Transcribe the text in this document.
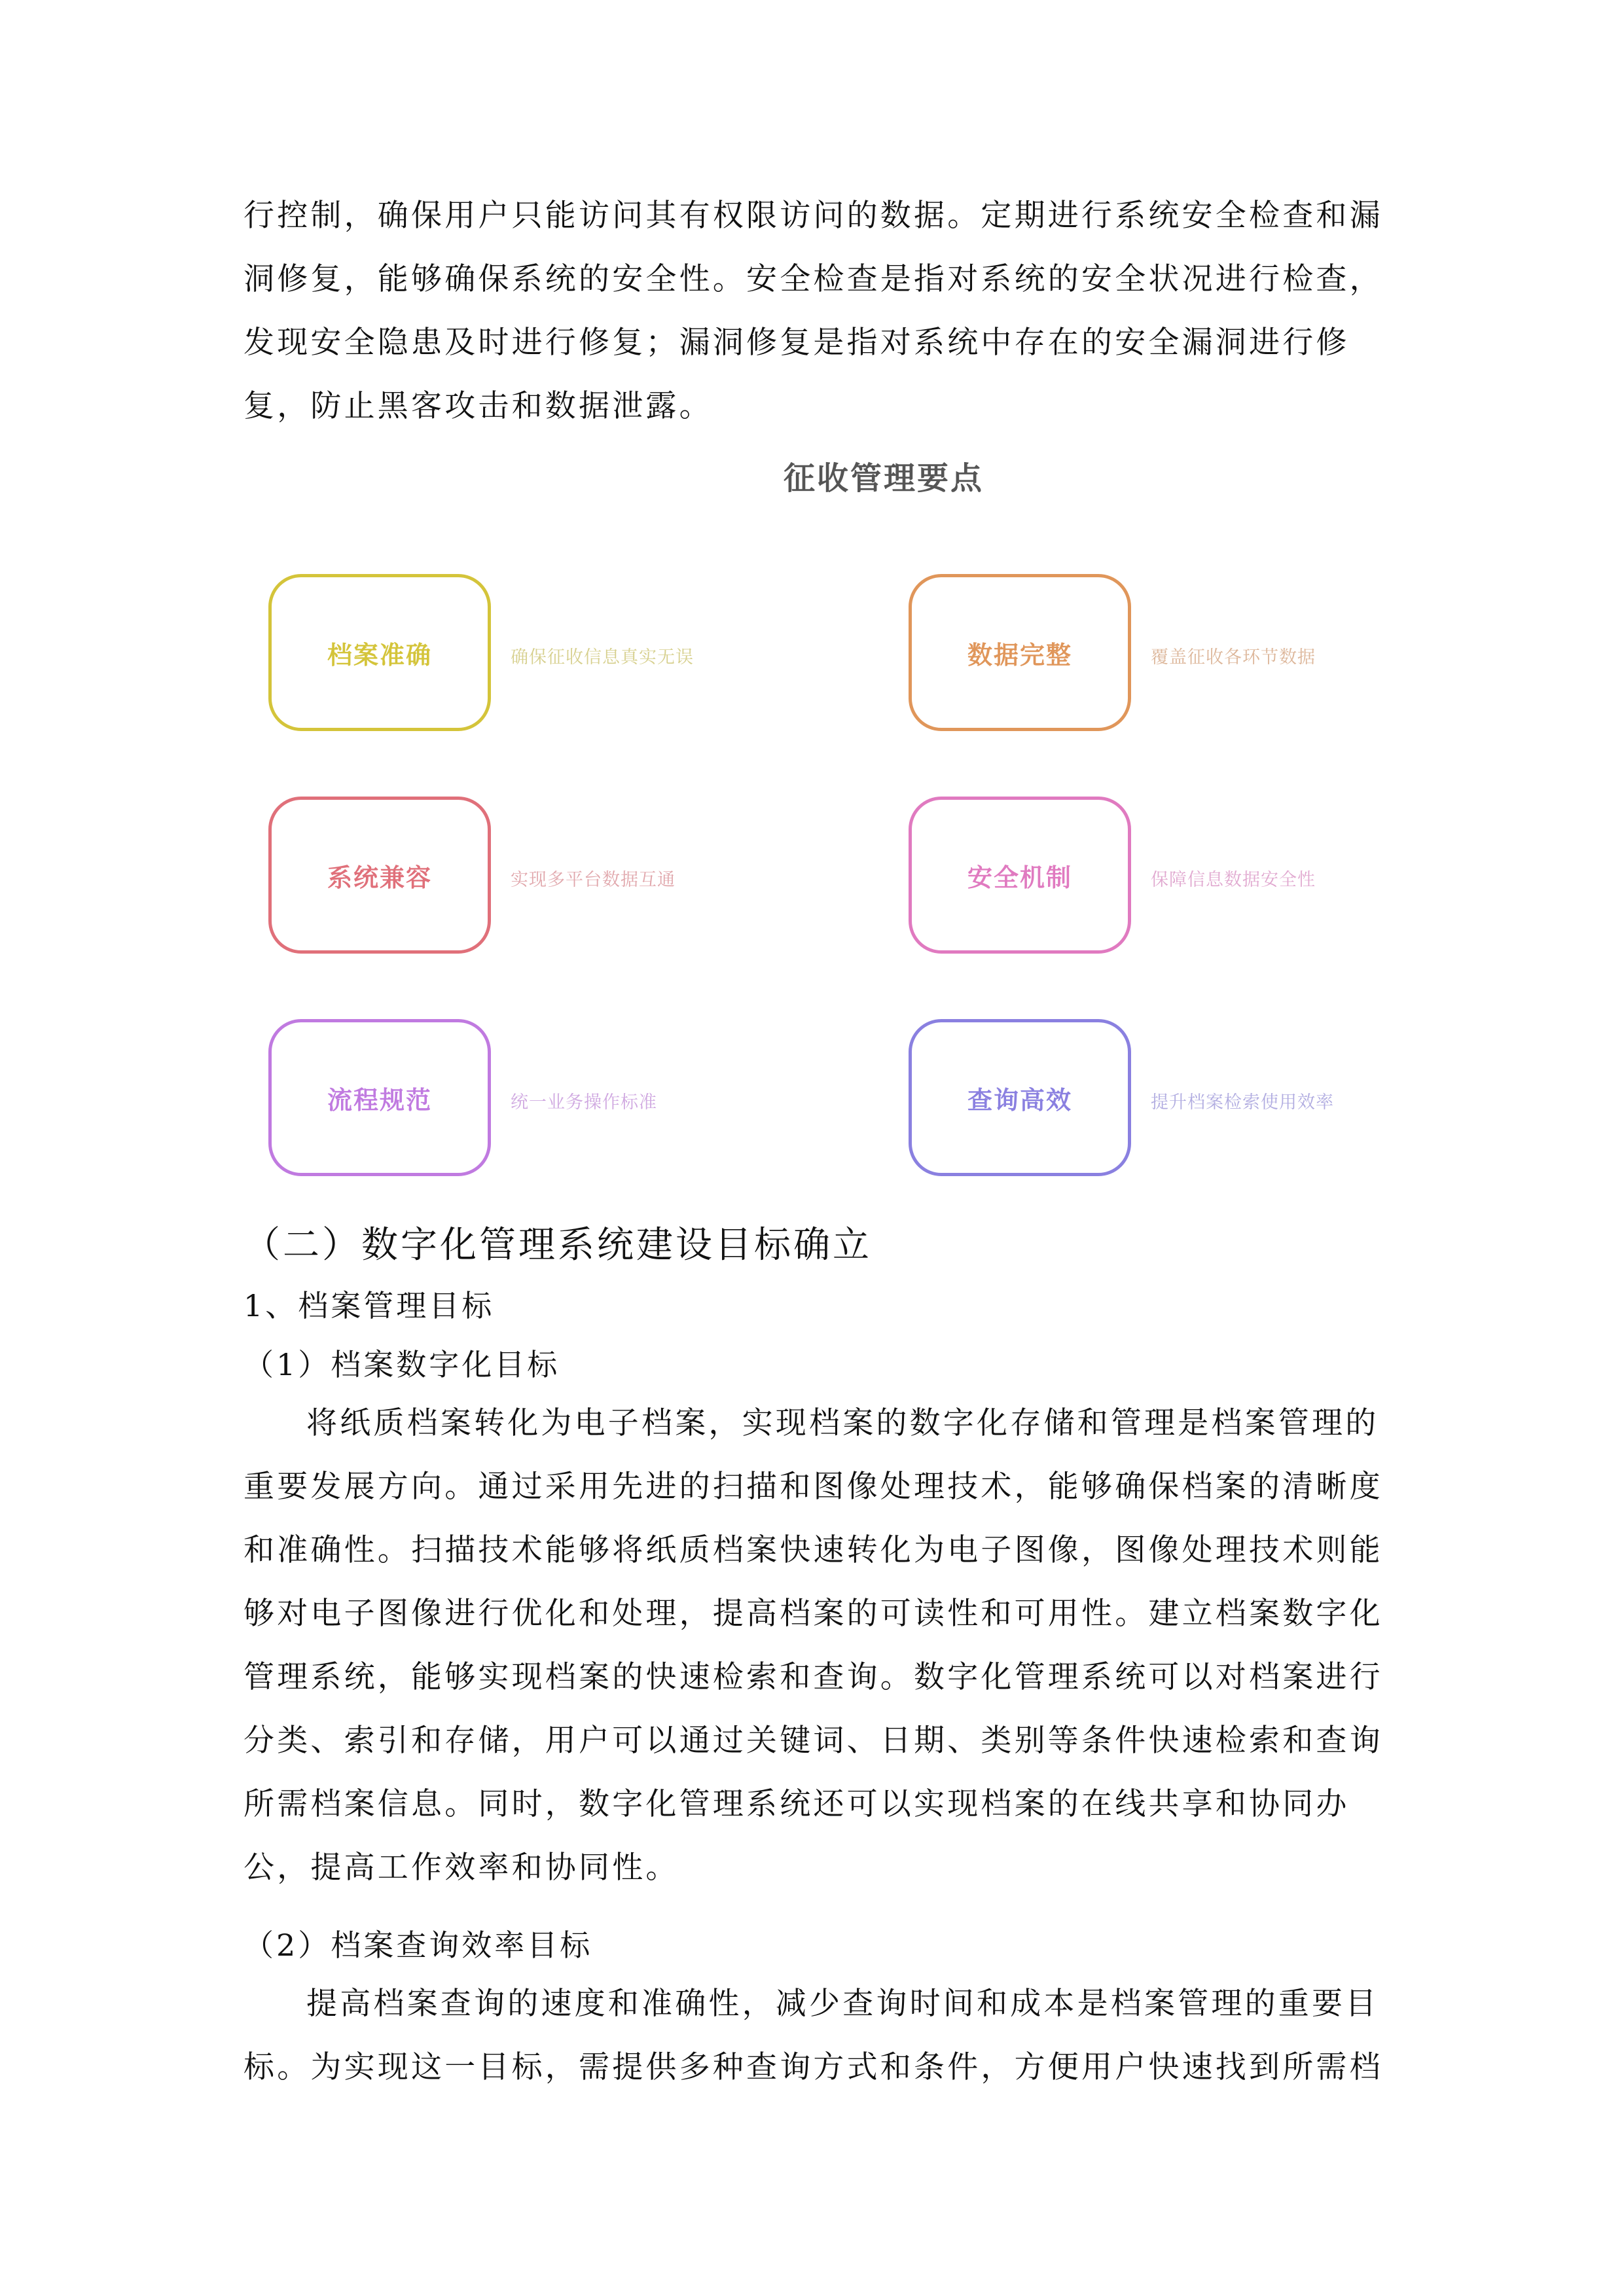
行控制，确保用户只能访问其有权限访问的数据。定期进行系统安全检查和漏
洞修复，能够确保系统的安全性。安全检查是指对系统的安全状况进行检查，
发现安全隐患及时进行修复；漏洞修复是指对系统中存在的安全漏洞进行修
复，防止黑客攻击和数据泄露。
征收管理要点
档案准确	确保征收信息真实无误	数据完整	覆盖征收各环节数据
系统兼容	实现多平台数据互通	安全机制	保障信息数据安全性
流程规范	统一业务操作标准	查询高效	提升档案检索使用效率
（二）数字化管理系统建设目标确立
1、档案管理目标
（1）档案数字化目标
将纸质档案转化为电子档案，实现档案的数字化存储和管理是档案管理的
重要发展方向。通过采用先进的扫描和图像处理技术，能够确保档案的清晰度
和准确性。扫描技术能够将纸质档案快速转化为电子图像，图像处理技术则能
够对电子图像进行优化和处理，提高档案的可读性和可用性。建立档案数字化
管理系统，能够实现档案的快速检索和查询。数字化管理系统可以对档案进行
分类、索引和存储，用户可以通过关键词、日期、类别等条件快速检索和查询
所需档案信息。同时，数字化管理系统还可以实现档案的在线共享和协同办
公，提高工作效率和协同性。
（2）档案查询效率目标
提高档案查询的速度和准确性，减少查询时间和成本是档案管理的重要目
标。为实现这一目标，需提供多种查询方式和条件，方便用户快速找到所需档
